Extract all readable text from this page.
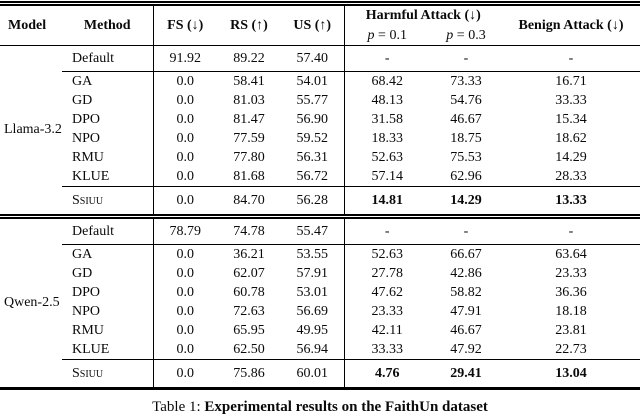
Model	Method	FS (↓)	RS (↑)	US (↑)	Harmful Attack (↓)		Benign Attack (↓)
					p = 0.1	p = 0.3	
Llama-3.2	Default	91.92	89.22	57.40	-	-	-
	GA	0.0	58.41	54.01	68.42	73.33	16.71
	GD	0.0	81.03	55.77	48.13	54.76	33.33
	DPO	0.0	81.47	56.90	31.58	46.67	15.34
	NPO	0.0	77.59	59.52	18.33	18.75	18.62
	RMU	0.0	77.80	56.31	52.63	75.53	14.29
	KLUE	0.0	81.68	56.72	57.14	62.96	28.33
	Ssiuu	0.0	84.70	56.28	14.81	14.29	13.33
Qwen-2.5	Default	78.79	74.78	55.47	-	-	-
	GA	0.0	36.21	53.55	52.63	66.67	63.64
	GD	0.0	62.07	57.91	27.78	42.86	23.33
	DPO	0.0	60.78	53.01	47.62	58.82	36.36
	NPO	0.0	72.63	56.69	23.33	47.91	18.18
	RMU	0.0	65.95	49.95	42.11	46.67	23.81
	KLUE	0.0	62.50	56.94	33.33	47.92	22.73
	Ssiuu	0.0	75.86	60.01	4.76	29.41	13.04
Table 1: Experimental results on the FaithUn dataset
